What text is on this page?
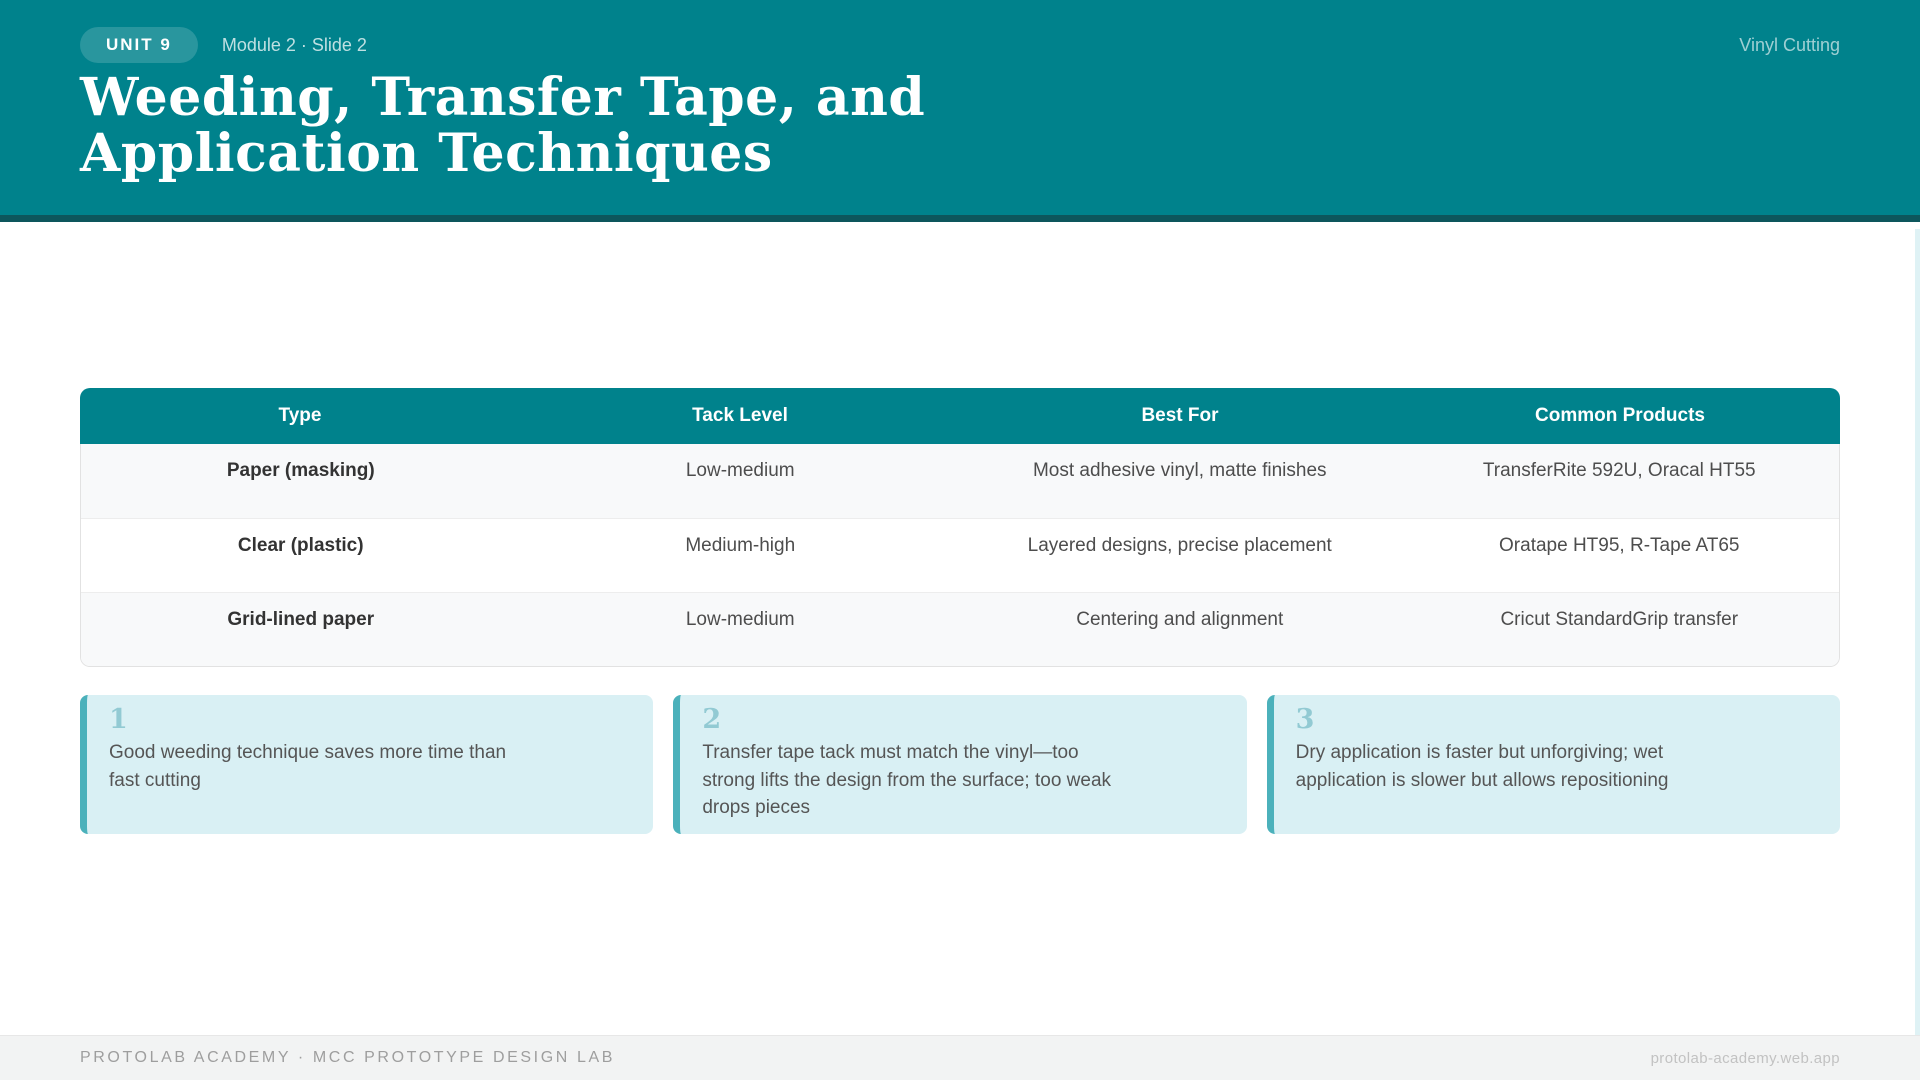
UNIT 9	Module 2 · Slide 2	Vinyl Cutting
Weeding, Transfer Tape, and
Application Techniques
Type	Tack Level	Best For	Common Products
Paper (masking)	Low-medium	Most adhesive vinyl, matte finishes	TransferRite 592U, Oracal HT55
Clear (plastic)	Medium-high	Layered designs, precise placement	Oratape HT95, R-Tape AT65
Grid-lined paper	Low-medium	Centering and alignment	Cricut StandardGrip transfer
1

Good weeding technique saves more time than fast cutting

2

Transfer tape tack must match the vinyl—too strong lifts the design from the surface; too weak drops pieces

3

Dry application is faster but unforgiving; wet application is slower but allows repositioning

PROTOLAB ACADEMY · MCC PROTOTYPE DESIGN LAB	protolab-academy.web.app
